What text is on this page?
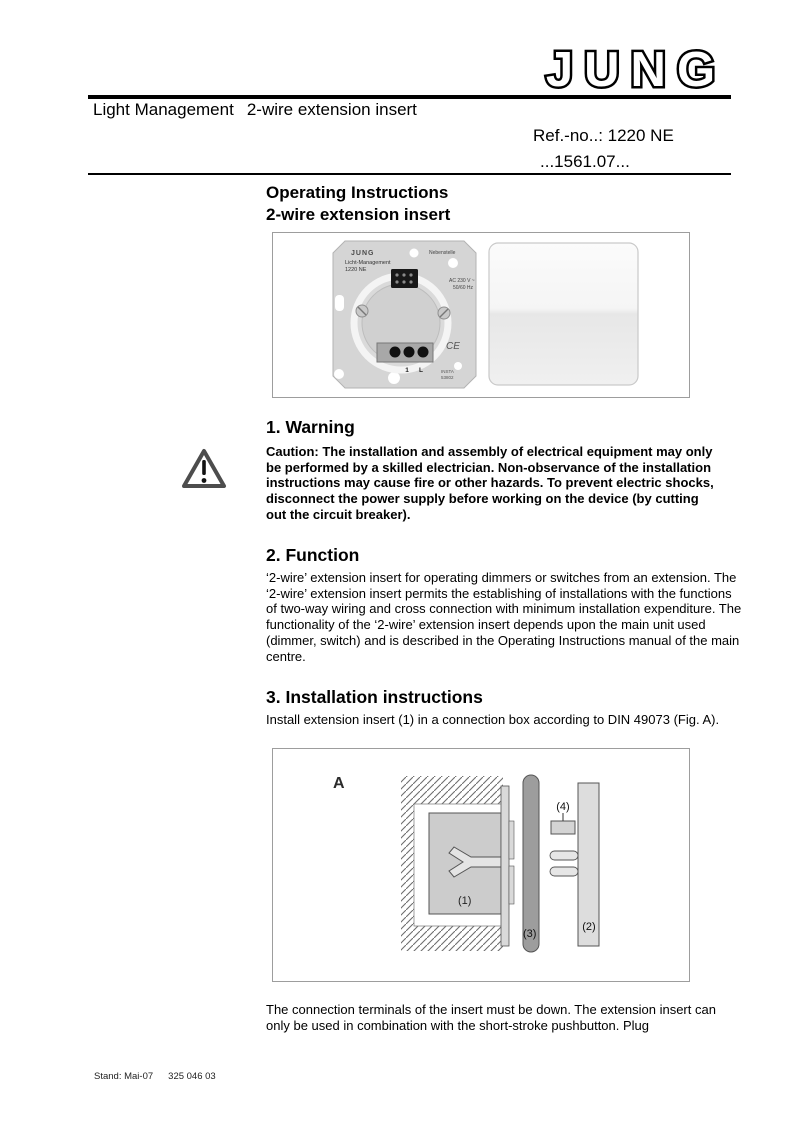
JUNG
Light Management 2-wire extension insert
Ref.-no..: 1220 NE
...1561.07...
Operating Instructions
2-wire extension insert
JUNG
Licht-Management
1220 NE
Nebenstelle
AC 230 V ~
50/60 Hz
1 L
CE
INSTA
53802
1. Warning
Caution: The installation and assembly of electrical equipment may only be performed by a skilled electrician. Non-observance of the installation instructions may cause fire or other hazards. To prevent electric shocks, disconnect the power supply before working on the device (by cutting out the circuit breaker).
2. Function
‘2-wire’ extension insert for operating dimmers or switches from an extension. The ‘2-wire’ extension insert permits the establishing of installations with the functions of two-way wiring and cross connection with minimum installation expenditure. The functionality of the ‘2-wire’ extension insert depends upon the main unit used (dimmer, switch) and is described in the Operating Instructions manual of the main centre.
3. Installation instructions
Install extension insert (1) in a connection box according to DIN 49073 (Fig. A).
A
(1)
(3)
(2)
(4)
The connection terminals of the insert must be down. The extension insert can only be used in combination with the short-stroke pushbutton. Plug
Stand: Mai-07 325 046 03
